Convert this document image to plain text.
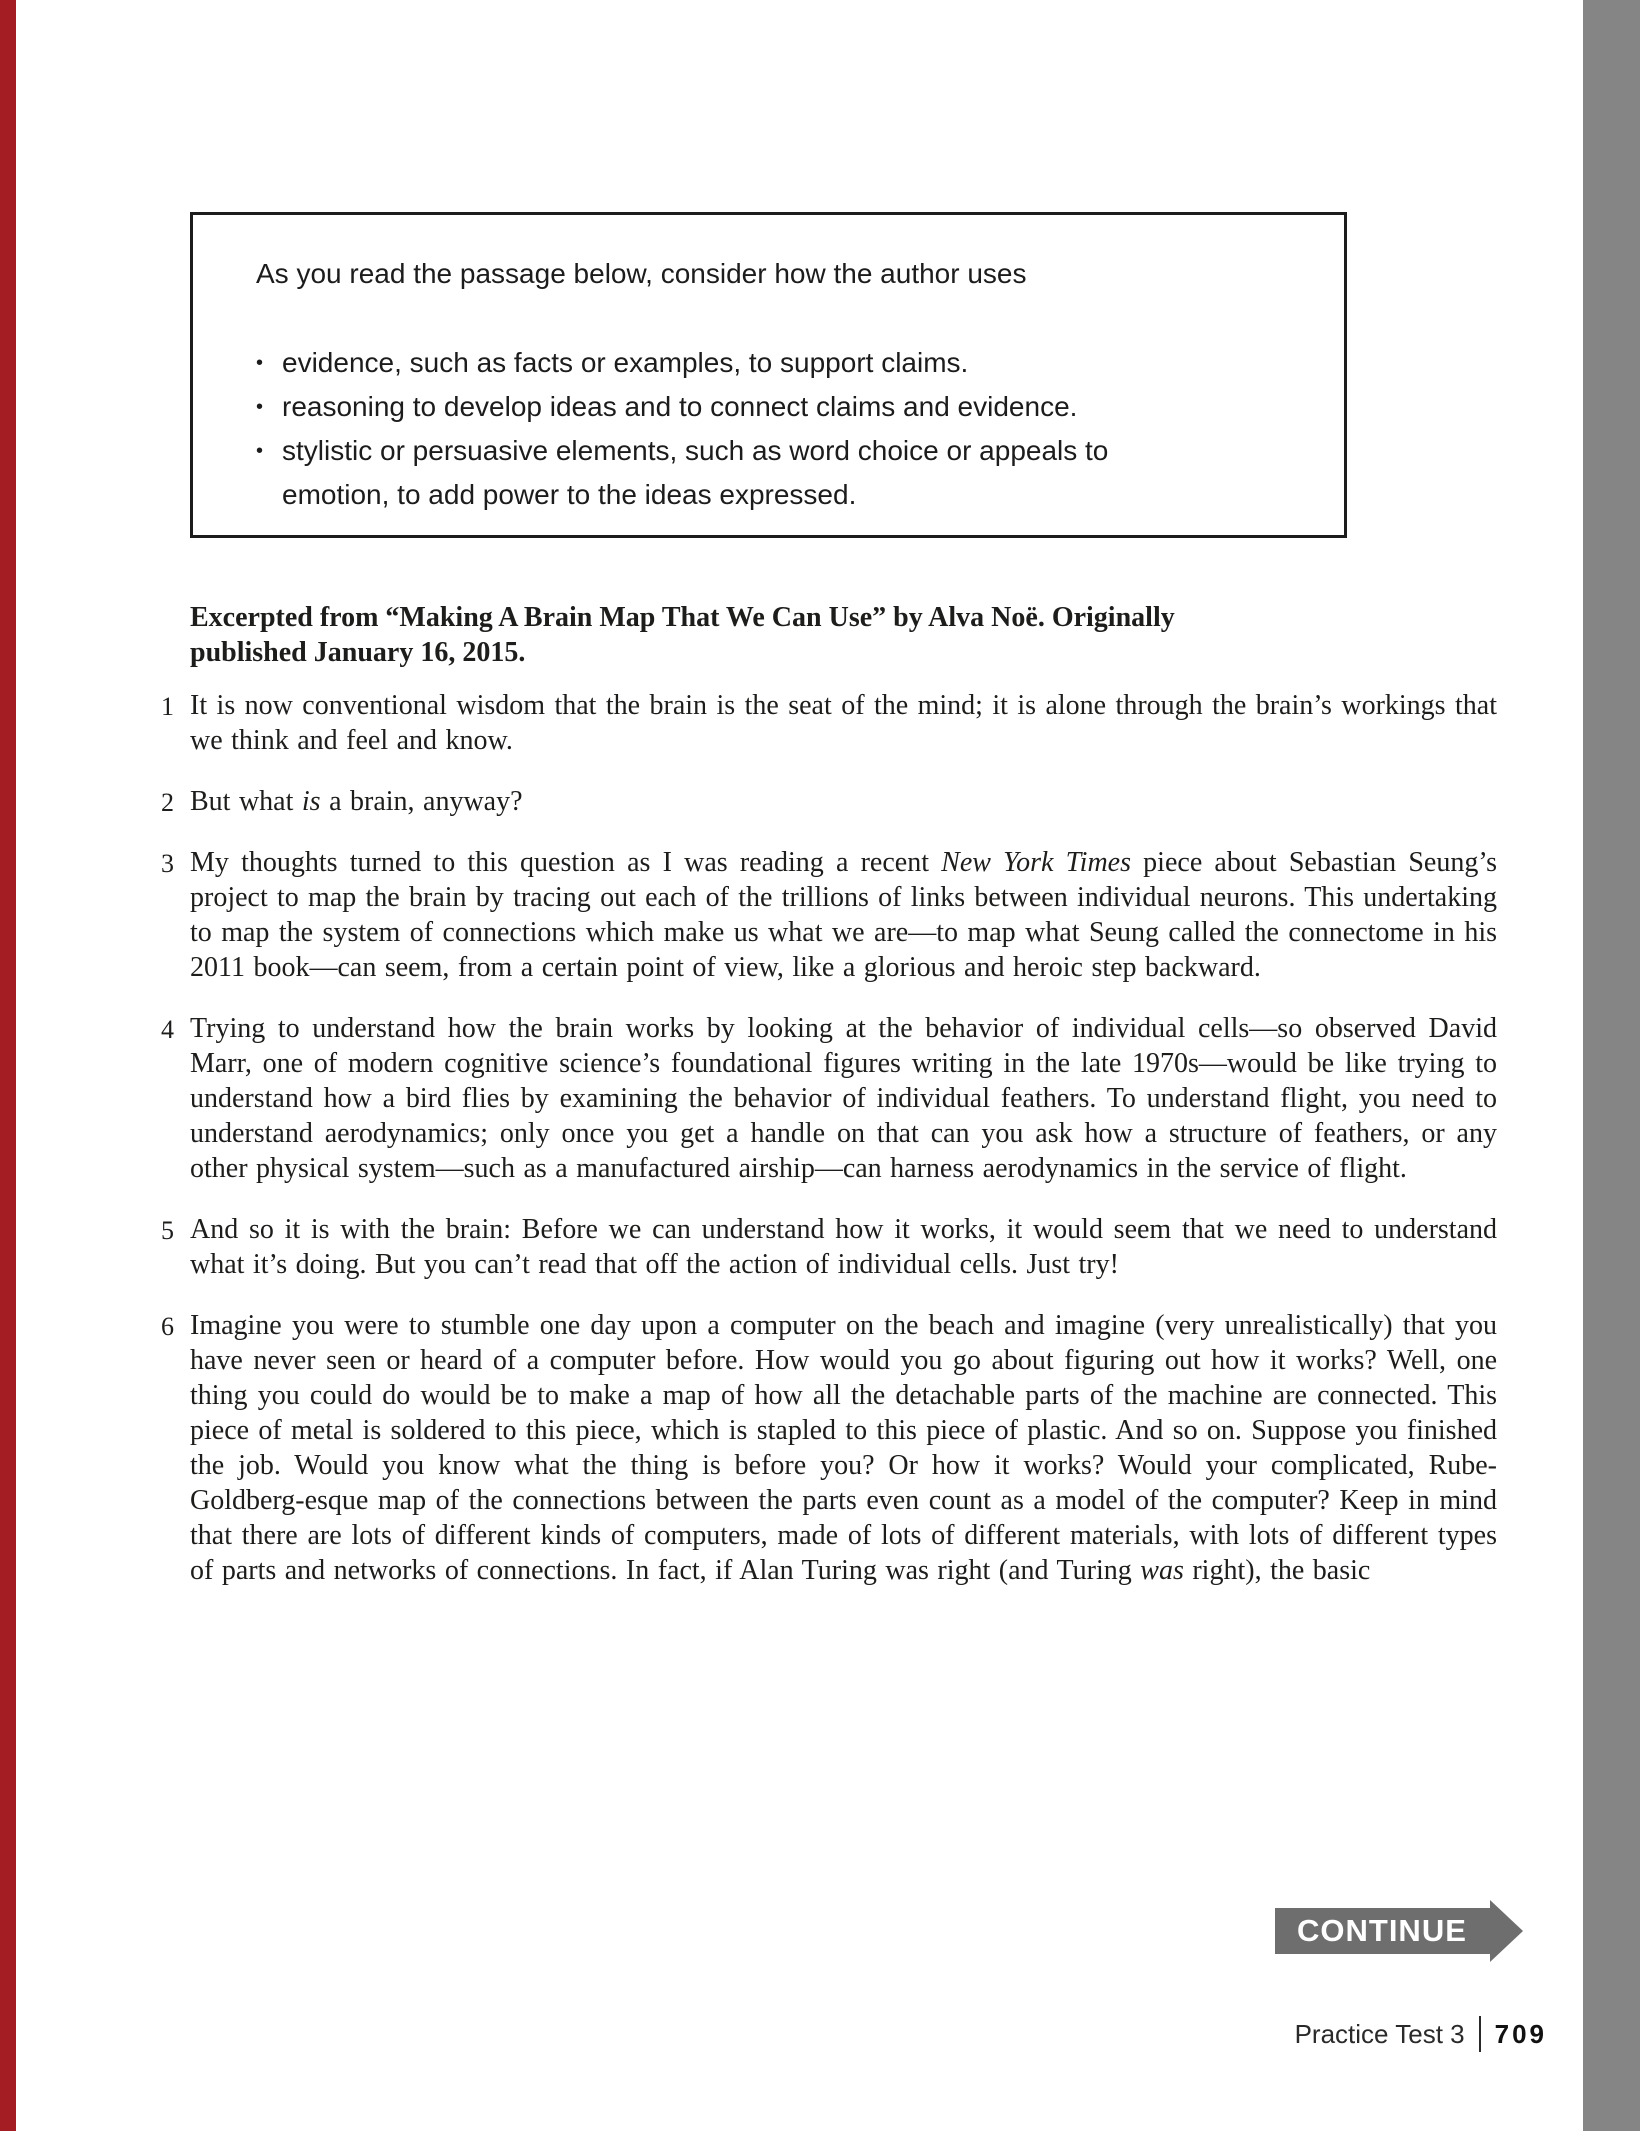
As you read the passage below, consider how the author uses

• evidence, such as facts or examples, to support claims.
• reasoning to develop ideas and to connect claims and evidence.
• stylistic or persuasive elements, such as word choice or appeals to emotion, to add power to the ideas expressed.

Excerpted from “Making A Brain Map That We Can Use” by Alva Noë. Originally
published January 16, 2015.

1 It is now conventional wisdom that the brain is the seat of the mind; it is alone through the brain’s workings that we think and feel and know.

2 But what is a brain, anyway?

3 My thoughts turned to this question as I was reading a recent New York Times piece about Sebastian Seung’s project to map the brain by tracing out each of the trillions of links between individual neurons. This undertaking to map the system of connections which make us what we are—to map what Seung called the connectome in his 2011 book—can seem, from a certain point of view, like a glorious and heroic step backward.

4 Trying to understand how the brain works by looking at the behavior of individual cells—so observed David Marr, one of modern cognitive science’s foundational figures writing in the late 1970s—would be like trying to understand how a bird flies by examining the behavior of individual feathers. To understand flight, you need to understand aerodynamics; only once you get a handle on that can you ask how a structure of feathers, or any other physical system—such as a manufactured airship—can harness aerodynamics in the service of flight.

5 And so it is with the brain: Before we can understand how it works, it would seem that we need to understand what it’s doing. But you can’t read that off the action of individual cells. Just try!

6 Imagine you were to stumble one day upon a computer on the beach and imagine (very unrealistically) that you have never seen or heard of a computer before. How would you go about figuring out how it works? Well, one thing you could do would be to make a map of how all the detachable parts of the machine are connected. This piece of metal is soldered to this piece, which is stapled to this piece of plastic. And so on. Suppose you finished the job. Would you know what the thing is before you? Or how it works? Would your complicated, Rube-Goldberg-esque map of the connections between the parts even count as a model of the computer? Keep in mind that there are lots of different kinds of computers, made of lots of different materials, with lots of different types of parts and networks of connections. In fact, if Alan Turing was right (and Turing was right), the basic

CONTINUE
Practice Test 3 709
